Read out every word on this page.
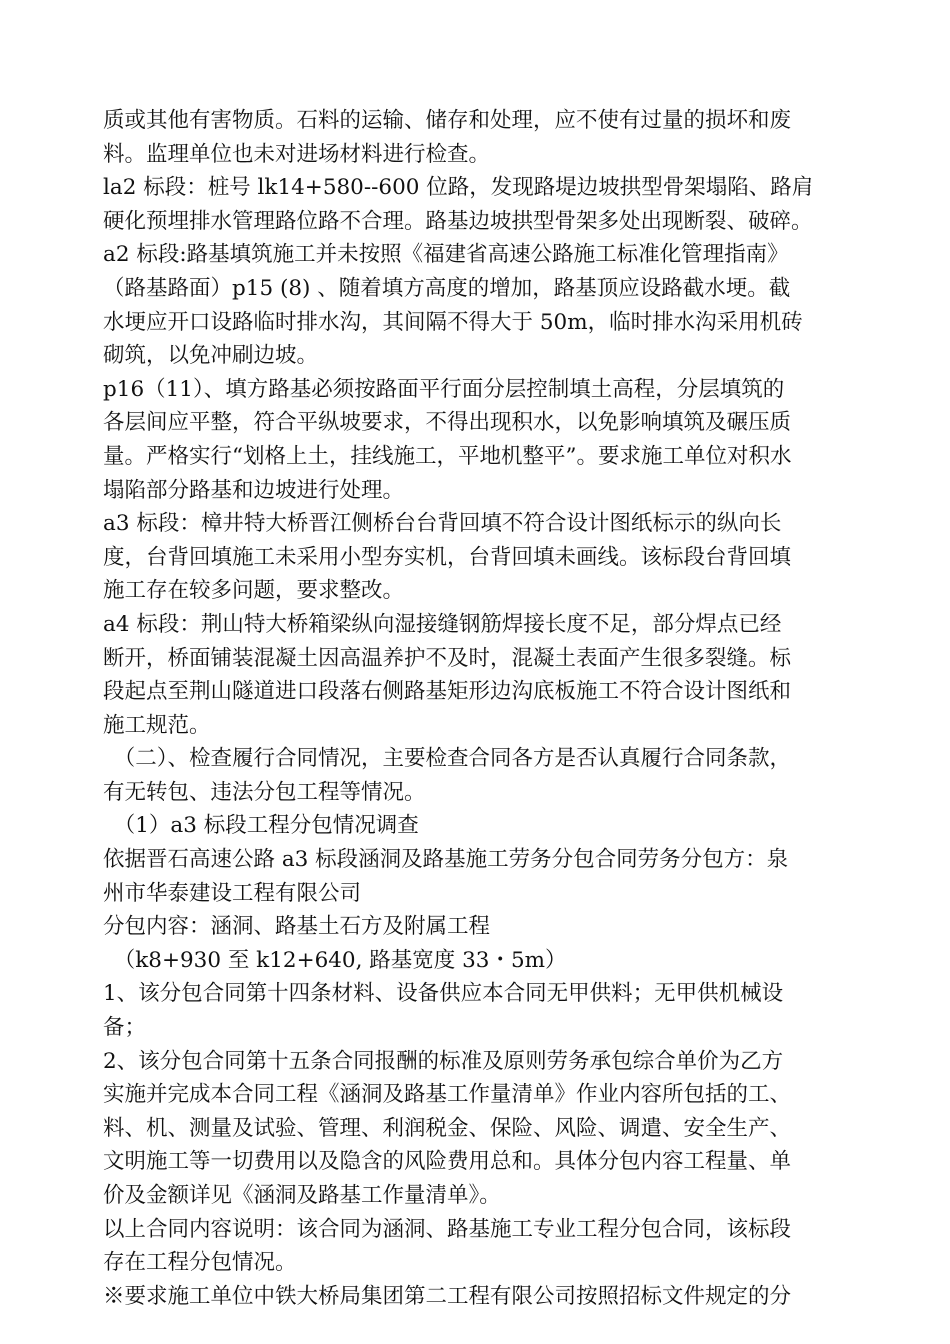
质或其他有害物质。石料的运输、储存和处理，应不使有过量的损坏和废
料。监理单位也未对进场材料进行检查。
la2 标段：桩号 lk14+580--600 位路，发现路堤边坡拱型骨架塌陷、路肩
硬化预埋排水管理路位路不合理。路基边坡拱型骨架多处出现断裂、破碎。
a2 标段:路基填筑施工并未按照《福建省高速公路施工标准化管理指南》
（路基路面）p15 (8) 、随着填方高度的增加，路基顶应设路截水埂。截
水埂应开口设路临时排水沟，其间隔不得大于 50m，临时排水沟采用机砖
砌筑，以免冲刷边坡。
p16（11）、填方路基必须按路面平行面分层控制填土高程，分层填筑的
各层间应平整，符合平纵坡要求，不得出现积水，以免影响填筑及碾压质
量。严格实行“划格上土，挂线施工，平地机整平”。要求施工单位对积水
塌陷部分路基和边坡进行处理。
a3 标段：樟井特大桥晋江侧桥台台背回填不符合设计图纸标示的纵向长
度，台背回填施工未采用小型夯实机，台背回填未画线。该标段台背回填
施工存在较多问题，要求整改。
a4 标段：荆山特大桥箱梁纵向湿接缝钢筋焊接长度不足，部分焊点已经
断开，桥面铺装混凝土因高温养护不及时，混凝土表面产生很多裂缝。标
段起点至荆山隧道进口段落右侧路基矩形边沟底板施工不符合设计图纸和
施工规范。
　（二）、检查履行合同情况，主要检查合同各方是否认真履行合同条款，
有无转包、违法分包工程等情况。
　（1）a3 标段工程分包情况调查
依据晋石高速公路 a3 标段涵洞及路基施工劳务分包合同劳务分包方：泉
州市华泰建设工程有限公司
分包内容：涵洞、路基土石方及附属工程
　（k8+930 至 k12+640, 路基宽度 33・5m）
1、该分包合同第十四条材料、设备供应本合同无甲供料；无甲供机械设
备；
2、该分包合同第十五条合同报酬的标准及原则劳务承包综合单价为乙方
实施并完成本合同工程《涵洞及路基工作量清单》作业内容所包括的工、
料、机、测量及试验、管理、利润税金、保险、风险、调遣、安全生产、
文明施工等一切费用以及隐含的风险费用总和。具体分包内容工程量、单
价及金额详见《涵洞及路基工作量清单》。
以上合同内容说明：该合同为涵洞、路基施工专业工程分包合同，该标段
存在工程分包情况。
※要求施工单位中铁大桥局集团第二工程有限公司按照招标文件规定的分
